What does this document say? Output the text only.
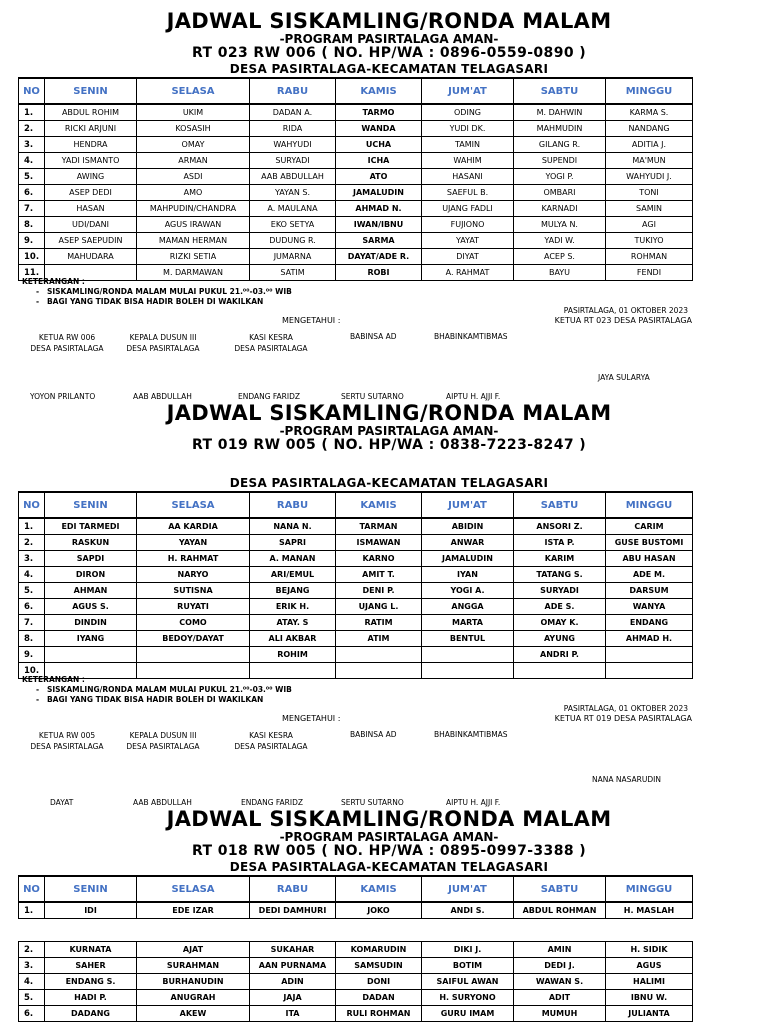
JADWAL SISKAMLING/RONDA MALAM
-PROGRAM PASIRTALAGA AMAN-
RT 023 RW 006 ( NO. HP/WA : 0896-0559-0890 )
DESA PASIRTALAGA-KECAMATAN TELAGASARI
NO	SENIN	SELASA	RABU	KAMIS	JUM'AT	SABTU	MINGGU
1.	ABDUL ROHIM	UKIM	DADAN A.	TARMO	ODING	M. DAHWIN	KARMA S.
2.	RICKI ARJUNI	KOSASIH	RIDA	WANDA	YUDI DK.	MAHMUDIN	NANDANG
3.	HENDRA	OMAY	WAHYUDI	UCHA	TAMIN	GILANG R.	ADITIA J.
4.	YADI ISMANTO	ARMAN	SURYADI	ICHA	WAHIM	SUPENDI	MA'MUN
5.	AWING	ASDI	AAB ABDULLAH	ATO	HASANI	YOGI P.	WAHYUDI J.
6.	ASEP DEDI	AMO	YAYAN S.	JAMALUDIN	SAEFUL B.	OMBARI	TONI
7.	HASAN	MAHPUDIN/CHANDRA	A. MAULANA	AHMAD N.	UJANG FADLI	KARNADI	SAMIN
8.	UDI/DANI	AGUS IRAWAN	EKO SETYA	IWAN/IBNU	FUJIONO	MULYA N.	AGI
9.	ASEP SAEPUDIN	MAMAN HERMAN	DUDUNG R.	SARMA	YAYAT	YADI W.	TUKIYO
10.	MAHUDARA	RIZKI SETIA	JUMARNA	DAYAT/ADE R.	DIYAT	ACEP S.	ROHMAN
11.		M. DARMAWAN	SATIM	ROBI	A. RAHMAT	BAYU	FENDI
KETERANGAN :
-   SISKAMLING/RONDA MALAM MULAI PUKUL 21.⁰⁰-03.⁰⁰ WIB
-   BAGI YANG TIDAK BISA HADIR BOLEH DI WAKILKAN
PASIRTALAGA, 01 OKTOBER 2023
MENGETAHUI :	KETUA RT 023 DESA PASIRTALAGA
KETUA RW 006
DESA PASIRTALAGA
KEPALA DUSUN III
DESA PASIRTALAGA
KASI KESRA
DESA PASIRTALAGA
BABINSA AD	BHABINKAMTIBMAS
JAYA SULARYA
YOYON PRILANTO	AAB ABDULLAH	ENDANG FARIDZ	SERTU SUTARNO	AIPTU H. AJJI F.
JADWAL SISKAMLING/RONDA MALAM
-PROGRAM PASIRTALAGA AMAN-
RT 019 RW 005 ( NO. HP/WA : 0838-7223-8247 )
DESA PASIRTALAGA-KECAMATAN TELAGASARI
NO	SENIN	SELASA	RABU	KAMIS	JUM'AT	SABTU	MINGGU
1.	EDI TARMEDI	AA KARDIA	NANA N.	TARMAN	ABIDIN	ANSORI Z.	CARIM
2.	RASKUN	YAYAN	SAPRI	ISMAWAN	ANWAR	ISTA P.	GUSE BUSTOMI
3.	SAPDI	H. RAHMAT	A. MANAN	KARNO	JAMALUDIN	KARIM	ABU HASAN
4.	DIRON	NARYO	ARI/EMUL	AMIT T.	IYAN	TATANG S.	ADE M.
5.	AHMAN	SUTISNA	BEJANG	DENI P.	YOGI A.	SURYADI	DARSUM
6.	AGUS S.	RUYATI	ERIK H.	UJANG L.	ANGGA	ADE S.	WANYA
7.	DINDIN	COMO	ATAY. S	RATIM	MARTA	OMAY K.	ENDANG
8.	IYANG	BEDOY/DAYAT	ALI AKBAR	ATIM	BENTUL	AYUNG	AHMAD H.
9.			ROHIM			ANDRI P.	
10.							
KETERANGAN :
-   SISKAMLING/RONDA MALAM MULAI PUKUL 21.⁰⁰-03.⁰⁰ WIB
-   BAGI YANG TIDAK BISA HADIR BOLEH DI WAKILKAN
PASIRTALAGA, 01 OKTOBER 2023
MENGETAHUI :	KETUA RT 019 DESA PASIRTALAGA
KETUA RW 005
DESA PASIRTALAGA
KEPALA DUSUN III
DESA PASIRTALAGA
KASI KESRA
DESA PASIRTALAGA
BABINSA AD	BHABINKAMTIBMAS
NANA NASARUDIN
DAYAT	AAB ABDULLAH	ENDANG FARIDZ	SERTU SUTARNO	AIPTU H. AJJI F.
JADWAL SISKAMLING/RONDA MALAM
-PROGRAM PASIRTALAGA AMAN-
RT 018 RW 005 ( NO. HP/WA : 0895-0997-3388 )
DESA PASIRTALAGA-KECAMATAN TELAGASARI
NO	SENIN	SELASA	RABU	KAMIS	JUM'AT	SABTU	MINGGU
1.	IDI	EDE IZAR	DEDI DAMHURI	JOKO	ANDI S.	ABDUL ROHMAN	H. MASLAH
2.	KURNATA	AJAT	SUKAHAR	KOMARUDIN	DIKI J.	AMIN	H. SIDIK
3.	SAHER	SURAHMAN	AAN PURNAMA	SAMSUDIN	BOTIM	DEDI J.	AGUS
4.	ENDANG S.	BURHANUDIN	ADIN	DONI	SAIFUL AWAN	WAWAN S.	HALIMI
5.	HADI P.	ANUGRAH	JAJA	DADAN	H. SURYONO	ADIT	IBNU W.
6.	DADANG	AKEW	ITA	RULI ROHMAN	GURU IMAM	MUMUH	JULIANTA
